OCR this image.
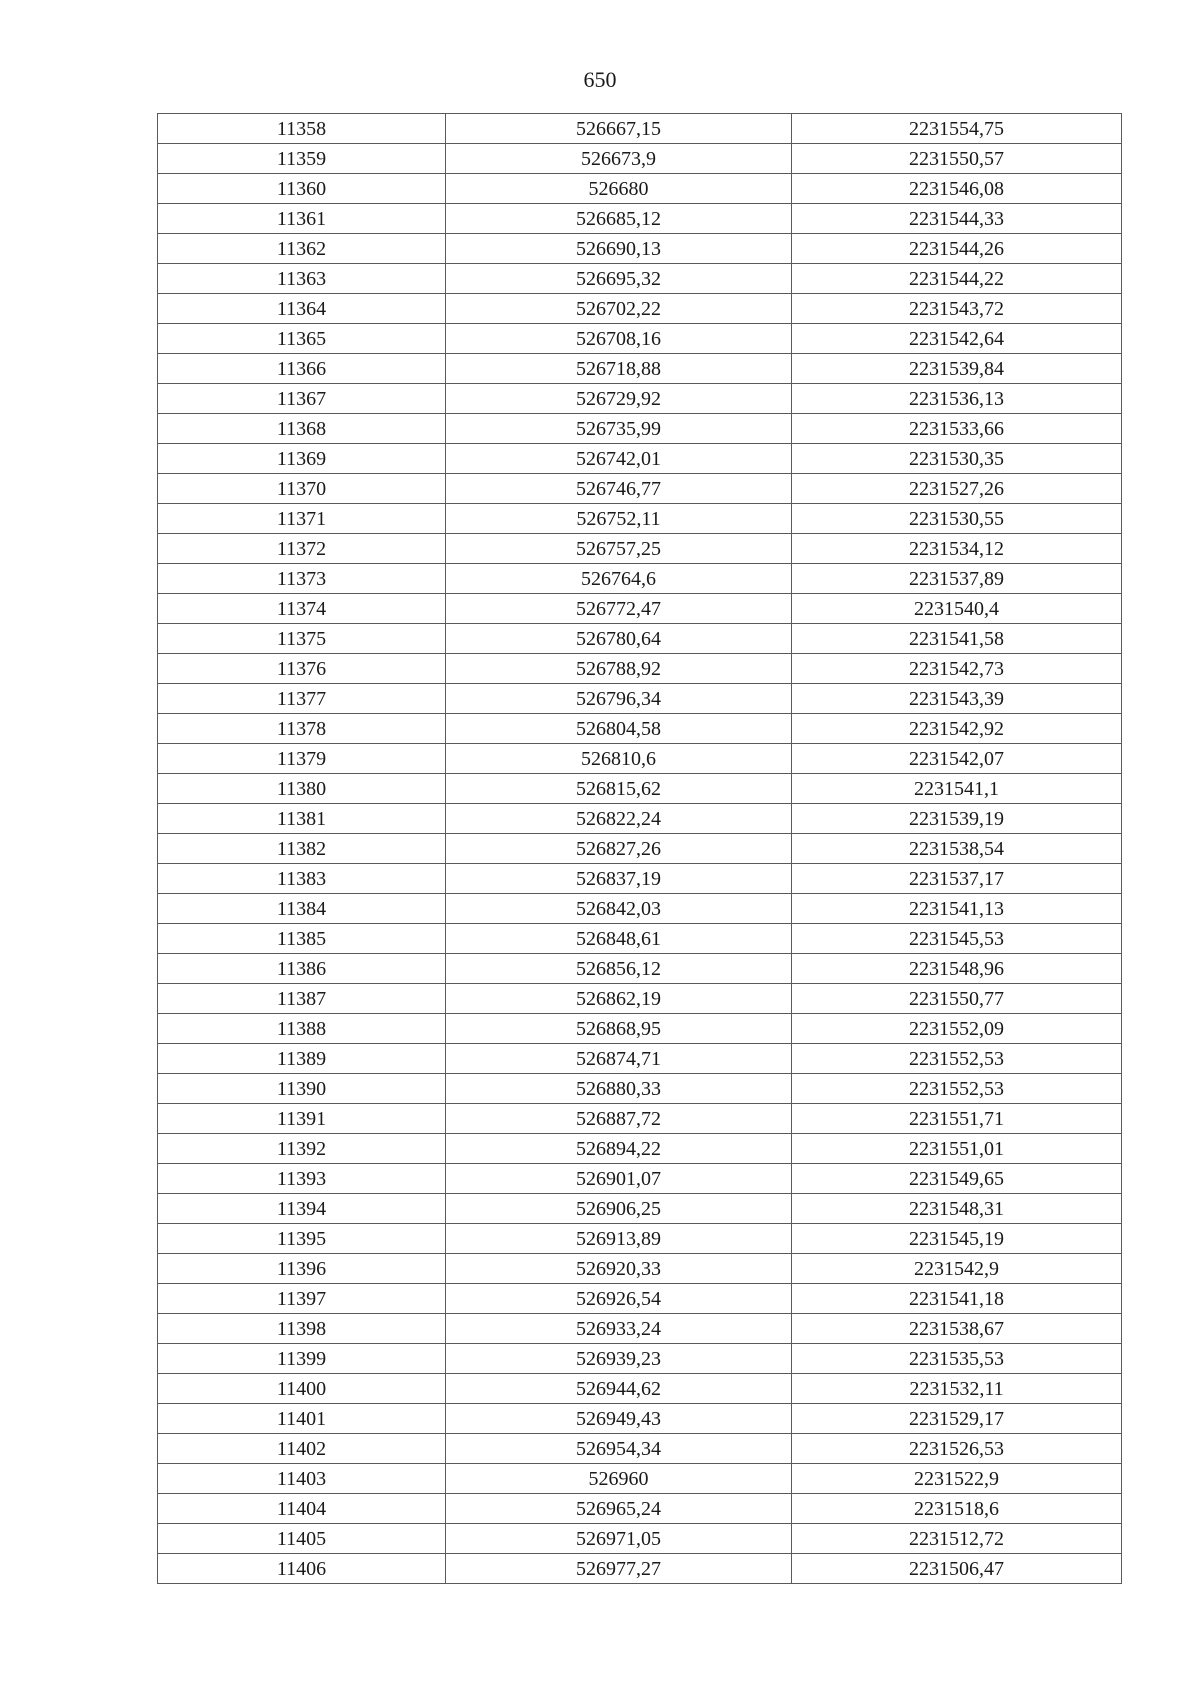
650
11358	526667,15	2231554,75
11359	526673,9	2231550,57
11360	526680	2231546,08
11361	526685,12	2231544,33
11362	526690,13	2231544,26
11363	526695,32	2231544,22
11364	526702,22	2231543,72
11365	526708,16	2231542,64
11366	526718,88	2231539,84
11367	526729,92	2231536,13
11368	526735,99	2231533,66
11369	526742,01	2231530,35
11370	526746,77	2231527,26
11371	526752,11	2231530,55
11372	526757,25	2231534,12
11373	526764,6	2231537,89
11374	526772,47	2231540,4
11375	526780,64	2231541,58
11376	526788,92	2231542,73
11377	526796,34	2231543,39
11378	526804,58	2231542,92
11379	526810,6	2231542,07
11380	526815,62	2231541,1
11381	526822,24	2231539,19
11382	526827,26	2231538,54
11383	526837,19	2231537,17
11384	526842,03	2231541,13
11385	526848,61	2231545,53
11386	526856,12	2231548,96
11387	526862,19	2231550,77
11388	526868,95	2231552,09
11389	526874,71	2231552,53
11390	526880,33	2231552,53
11391	526887,72	2231551,71
11392	526894,22	2231551,01
11393	526901,07	2231549,65
11394	526906,25	2231548,31
11395	526913,89	2231545,19
11396	526920,33	2231542,9
11397	526926,54	2231541,18
11398	526933,24	2231538,67
11399	526939,23	2231535,53
11400	526944,62	2231532,11
11401	526949,43	2231529,17
11402	526954,34	2231526,53
11403	526960	2231522,9
11404	526965,24	2231518,6
11405	526971,05	2231512,72
11406	526977,27	2231506,47
